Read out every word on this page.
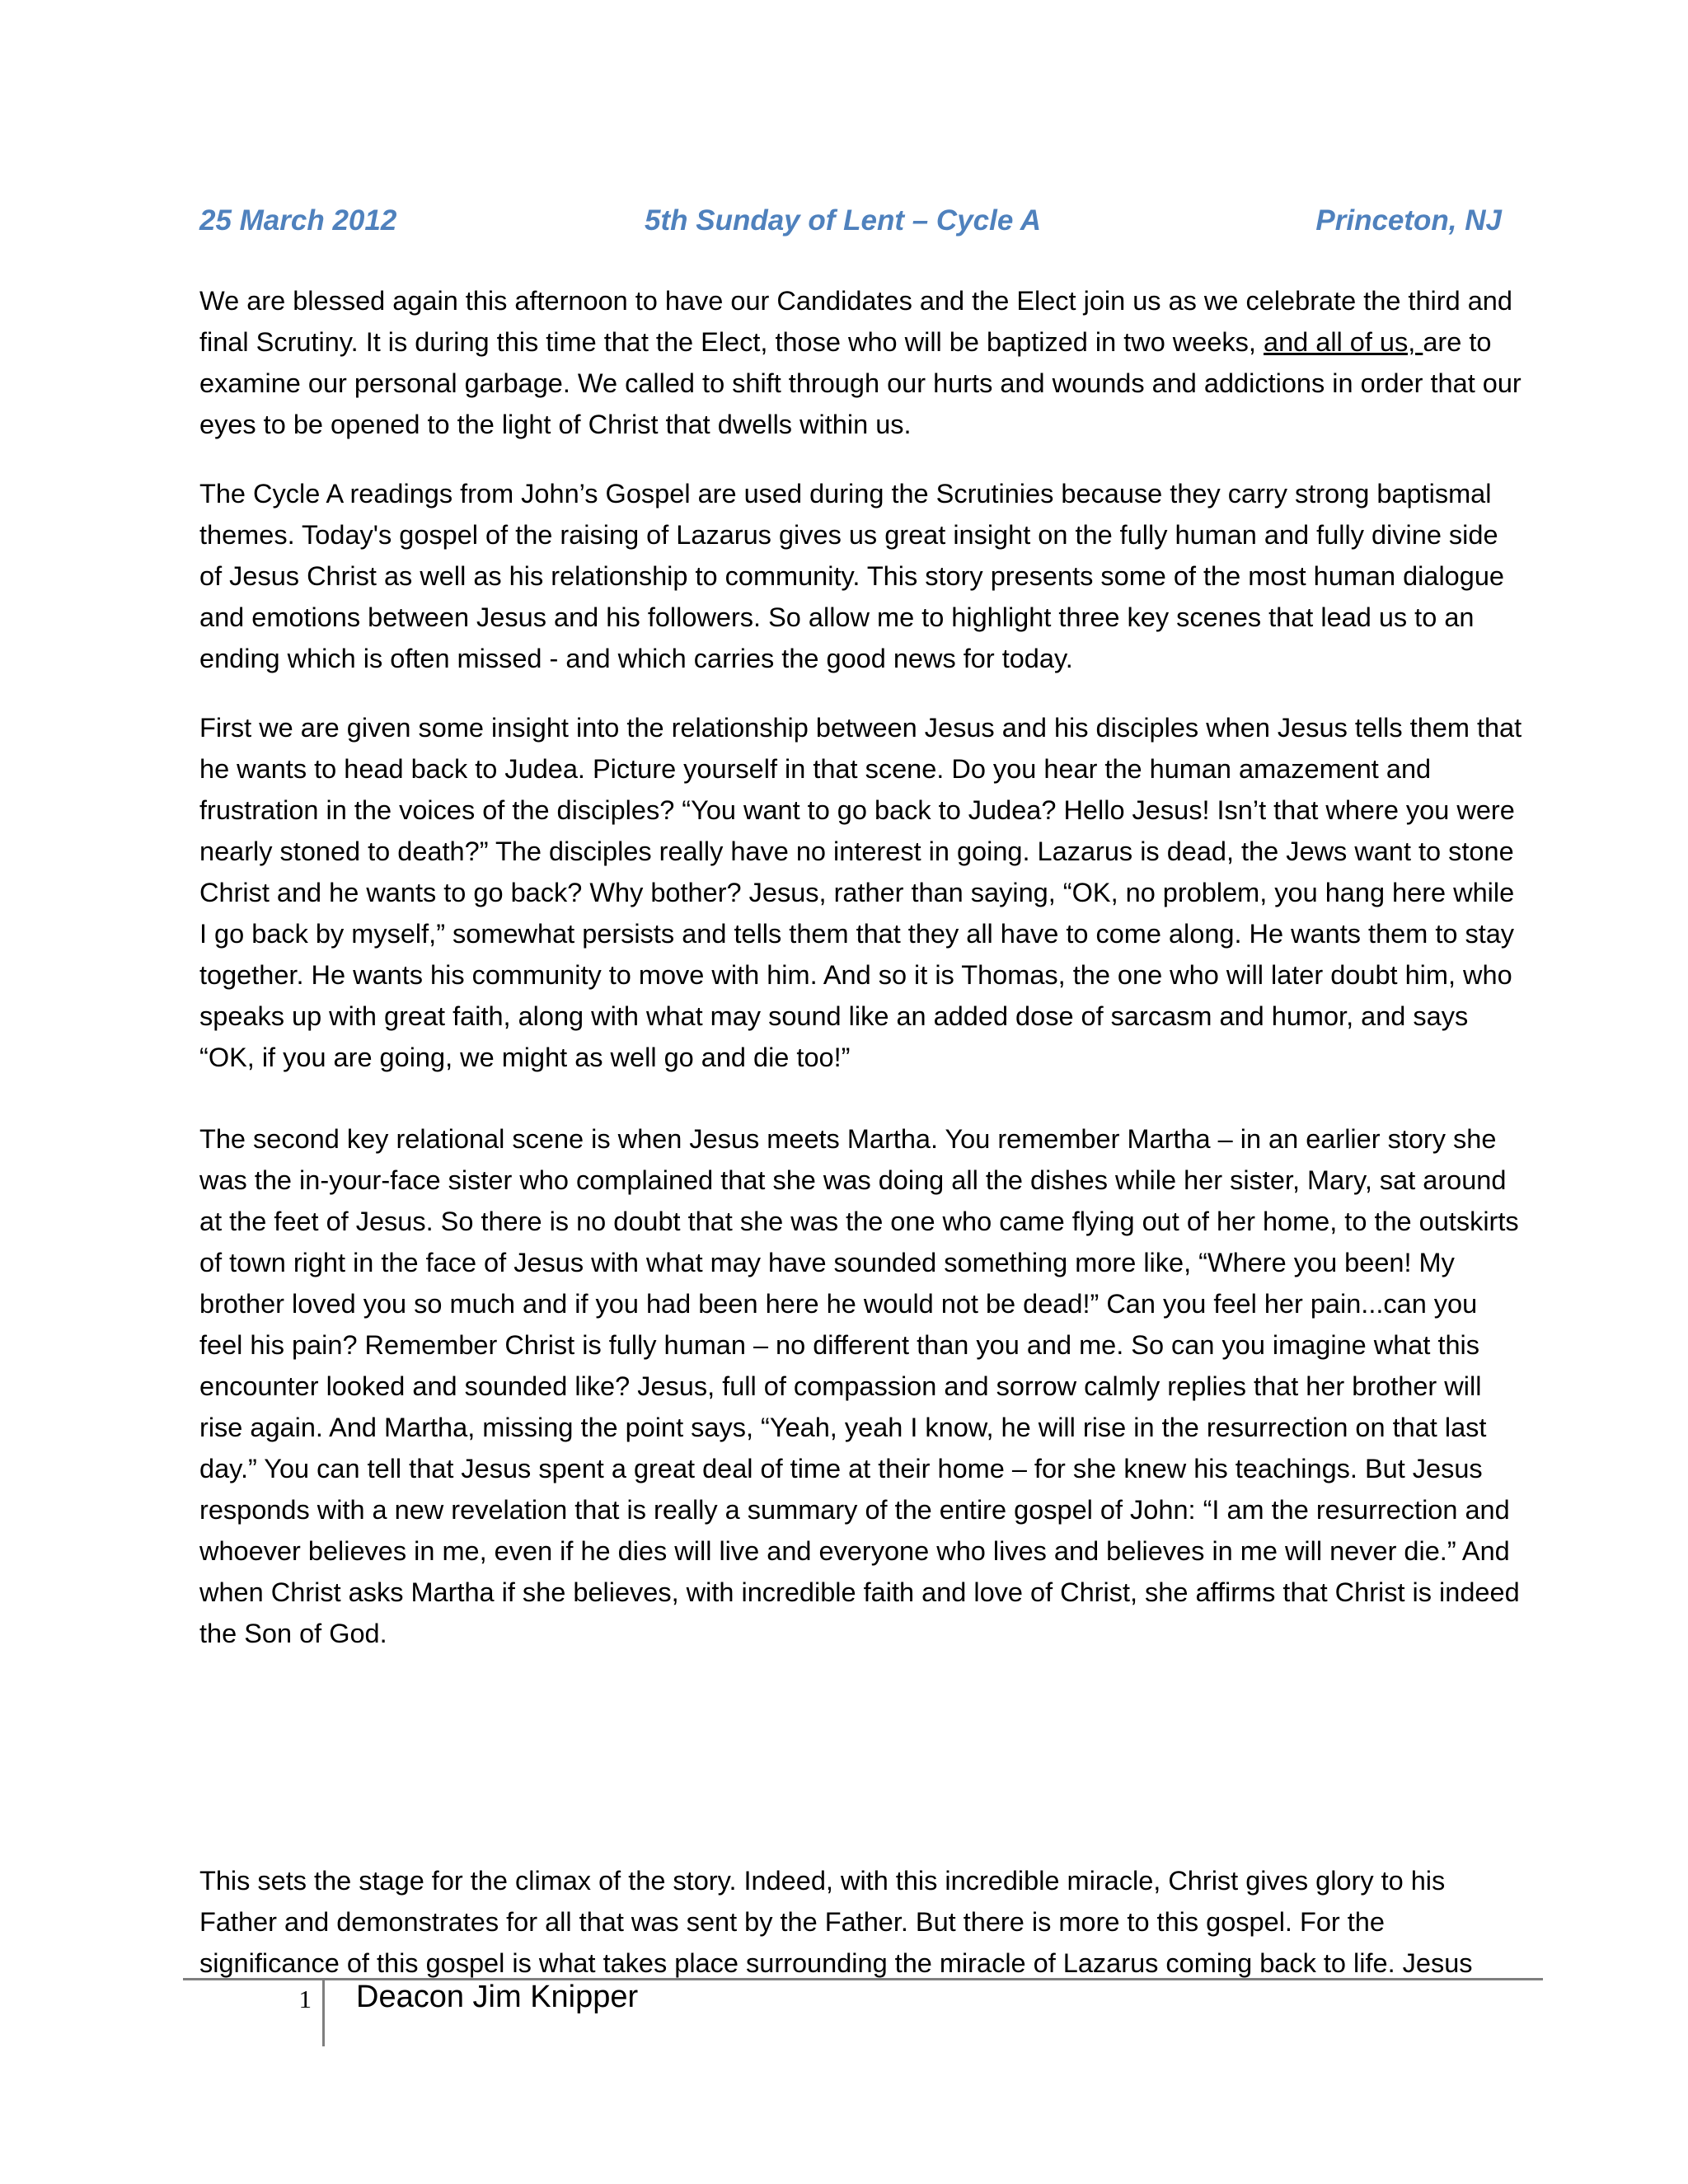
25 March 2012	5th Sunday of Lent – Cycle A	Princeton, NJ

We are blessed again this afternoon to have our Candidates and the Elect join us as we celebrate the third and final Scrutiny. It is during this time that the Elect, those who will be baptized in two weeks, and all of us, are to examine our personal garbage. We called to shift through our hurts and wounds and addictions in order that our eyes to be opened to the light of Christ that dwells within us.

The Cycle A readings from John’s Gospel are used during the Scrutinies because they carry strong baptismal themes. Today's gospel of the raising of Lazarus gives us great insight on the fully human and fully divine side of Jesus Christ as well as his relationship to community. This story presents some of the most human dialogue and emotions between Jesus and his followers. So allow me to highlight three key scenes that lead us to an ending which is often missed - and which carries the good news for today.

First we are given some insight into the relationship between Jesus and his disciples when Jesus tells them that he wants to head back to Judea. Picture yourself in that scene. Do you hear the human amazement and frustration in the voices of the disciples? “You want to go back to Judea? Hello Jesus! Isn’t that where you were nearly stoned to death?” The disciples really have no interest in going. Lazarus is dead, the Jews want to stone Christ and he wants to go back? Why bother? Jesus, rather than saying, “OK, no problem, you hang here while I go back by myself,” somewhat persists and tells them that they all have to come along. He wants them to stay together. He wants his community to move with him. And so it is Thomas, the one who will later doubt him, who speaks up with great faith, along with what may sound like an added dose of sarcasm and humor, and says “OK, if you are going, we might as well go and die too!”

The second key relational scene is when Jesus meets Martha. You remember Martha – in an earlier story she was the in-your-face sister who complained that she was doing all the dishes while her sister, Mary, sat around at the feet of Jesus. So there is no doubt that she was the one who came flying out of her home, to the outskirts of town right in the face of Jesus with what may have sounded something more like, “Where you been! My brother loved you so much and if you had been here he would not be dead!” Can you feel her pain...can you feel his pain? Remember Christ is fully human – no different than you and me. So can you imagine what this encounter looked and sounded like? Jesus, full of compassion and sorrow calmly replies that her brother will rise again. And Martha, missing the point says, “Yeah, yeah I know, he will rise in the resurrection on that last day.” You can tell that Jesus spent a great deal of time at their home – for she knew his teachings. But Jesus responds with a new revelation that is really a summary of the entire gospel of John: “I am the resurrection and whoever believes in me, even if he dies will live and everyone who lives and believes in me will never die.” And when Christ asks Martha if she believes, with incredible faith and love of Christ, she affirms that Christ is indeed the Son of God.

This sets the stage for the climax of the story. Indeed, with this incredible miracle, Christ gives glory to his Father and demonstrates for all that was sent by the Father. But there is more to this gospel. For the significance of this gospel is what takes place surrounding the miracle of Lazarus coming back to life. Jesus

1 Deacon Jim Knipper
